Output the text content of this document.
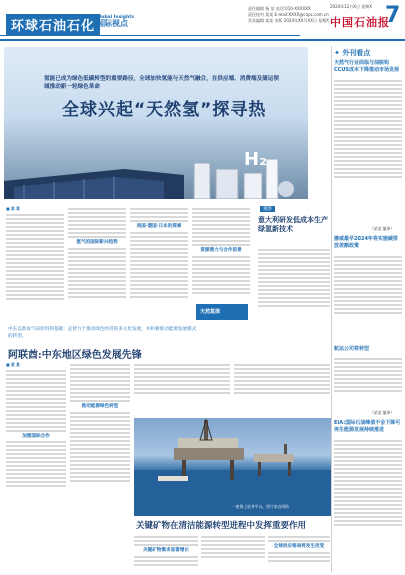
环球石油石化
Global Insights
国际视点
责任编辑 杨 某 电话:010-XXXXXX
责任校对 某某 E-mail:XXXX@cnpc.com.cn
美术编辑 某某 本版 2024年XX月XX日 星期X
2024年12月X日 星期X
中国石油报
7
氢能已成为绿色低碳转型的重要路径，全球加快氢能与天然气融合，在供应端、消费端及储运领域推动新一轮绿色革命
全球兴起“天然氢”探寻热
H₂
■ 某 某
氢气的国际新兴趋势
美国·德国·日本的探索
资源潜力与合作前景
观察
意大利研发低成本生产绿氢新技术
天然氢探
中东以新发气田原料则基础：走智力于推动绿色经济的多元化发展，并积极推动能源发展模式的转型。
阿联酋:中东地区绿色发展先锋
■ 某 某
加强国际合作
推动能源绿色转型
一座海上钻井平台。图片来自网络
关键矿物在清洁能源转型进程中发挥重要作用
关键矿物需求显著增长
全球供应格局将发生改变
✦ 外刊看点
天然气行业面临与油脱钩CCUS成本下降推动市场发展
（某某 编译）
挪威最早2024年将实施碳排放差额政策
航运公司将转型
（某某 编译）
EIA:国际石油峰值不会下降可再生能源发展持续推进
